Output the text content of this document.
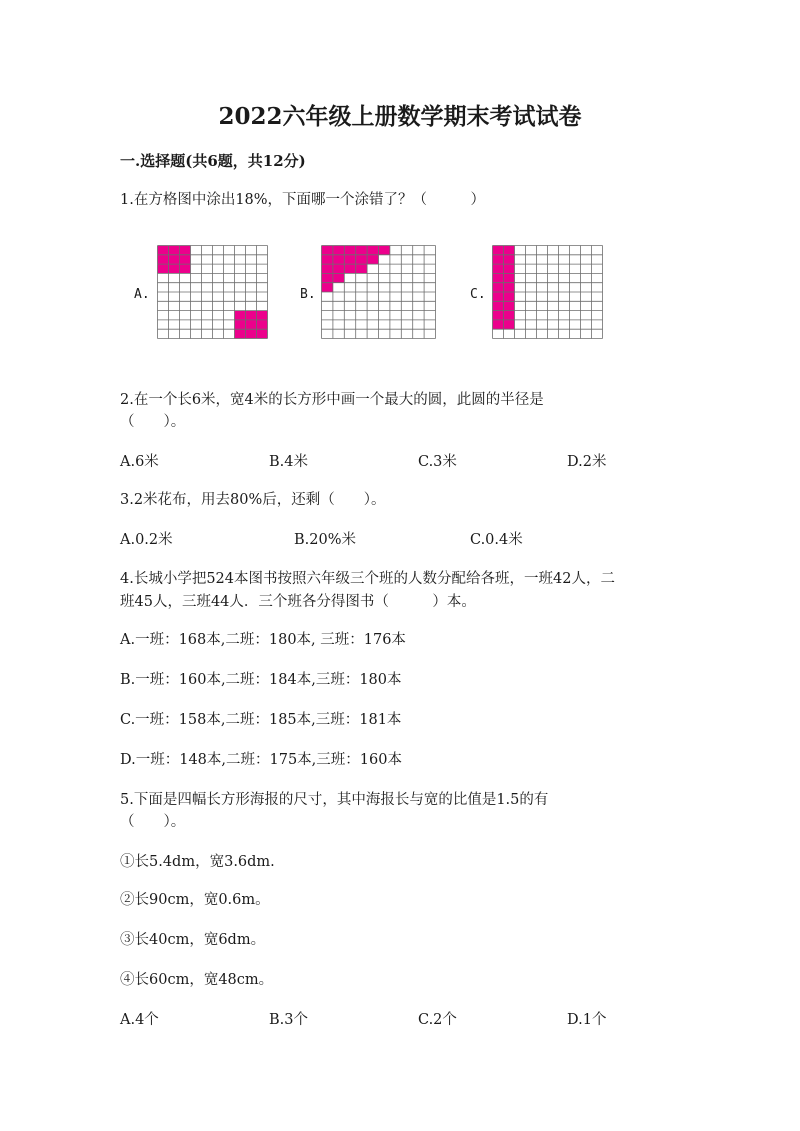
2022六年级上册数学期末考试试卷
一.选择题(共6题，共12分)
1.在方格图中涂出18%，下面哪一个涂错了？（　　　）
A.	B.	C.
2.在一个长6米，宽4米的长方形中画一个最大的圆，此圆的半径是
（　　）。
A.6米	B.4米	C.3米	D.2米
3.2米花布，用去80%后，还剩（　　）。
A.0.2米	B.20%米	C.0.4米
4.长城小学把524本图书按照六年级三个班的人数分配给各班，一班42人，二
班45人，三班44人．三个班各分得图书（　　　）本。
A.一班：168本,二班：180本, 三班：176本
B.一班：160本,二班：184本,三班：180本
C.一班：158本,二班：185本,三班：181本
D.一班：148本,二班：175本,三班：160本
5.下面是四幅长方形海报的尺寸，其中海报长与宽的比值是1.5的有
（　　）。
①长5.4dm，宽3.6dm.
②长90cm，宽0.6m。
③长40cm，宽6dm。
④长60cm，宽48cm。
A.4个	B.3个	C.2个	D.1个
